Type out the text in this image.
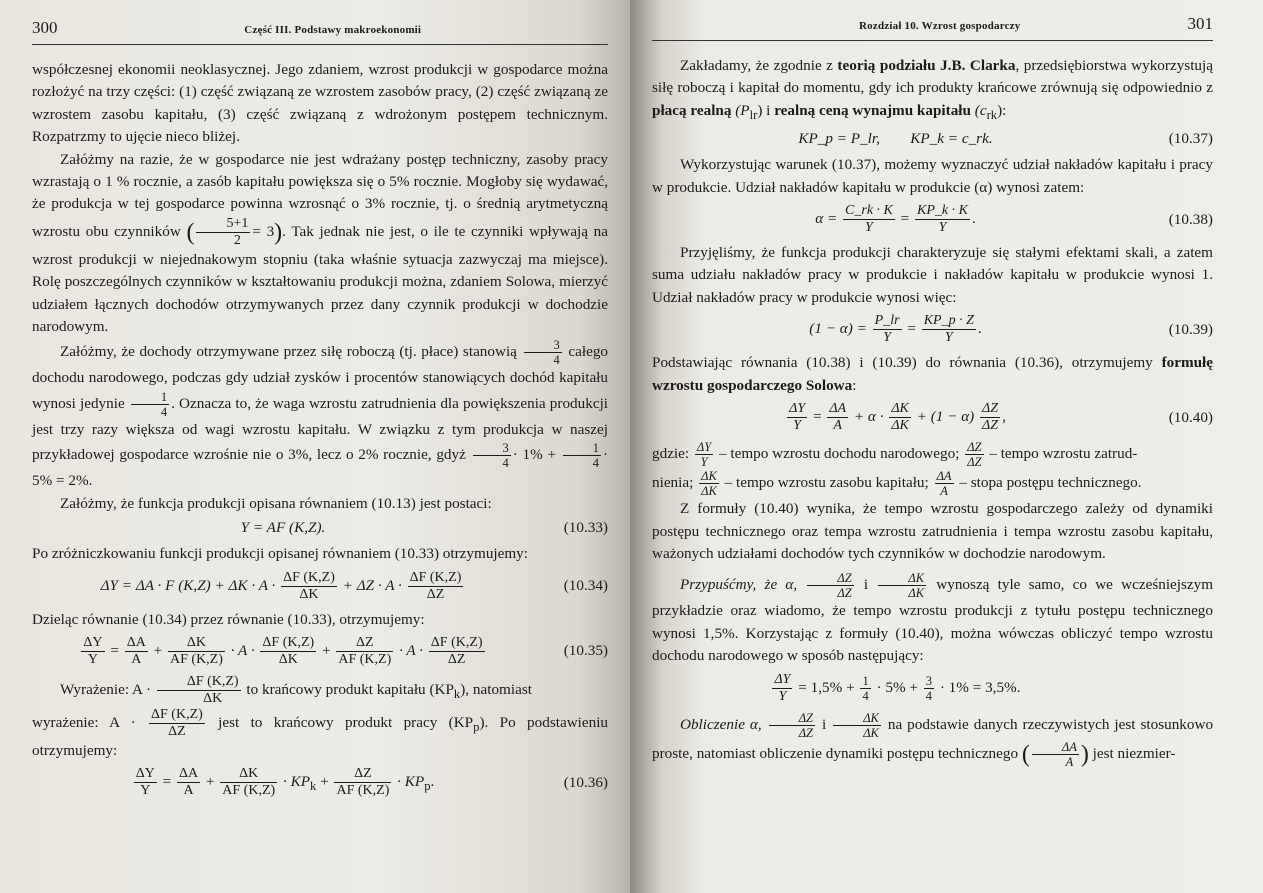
300	Część III. Podstawy makroekonomii

współczesnej ekonomii neoklasycznej. Jego zdaniem, wzrost produkcji w gospodarce można rozłożyć na trzy części: (1) część związaną ze wzrostem zasobów pracy, (2) część związaną ze wzrostem zasobu kapitału, (3) część związaną z wdrożonym postępem technicznym. Rozpatrzmy to ujęcie nieco bliżej.

Załóżmy na razie, że w gospodarce nie jest wdrażany postęp techniczny, zasoby pracy wzrastają o 1 % rocznie, a zasób kapitału powiększa się o 5% rocznie. Mogłoby się wydawać, że produkcja w tej gospodarce powinna wzrosnąć o 3% rocznie, tj. o średnią arytmetyczną wzrostu obu czynników ( $\frac{5+1}{2} = 3$). Tak jednak nie jest, o ile te czynniki wpływają na wzrost produkcji w niejednakowym stopniu (taka właśnie sytuacja zazwyczaj ma miejsce). Rolę poszczególnych czynników w kształtowaniu produkcji można, zdaniem Solowa, mierzyć udziałem łącznych dochodów otrzymywanych przez dany czynnik produkcji w dochodzie narodowym.

Załóżmy, że dochody otrzymywane przez siłę roboczą (tj. płace) stanowią $\frac{3}{4}$ całego dochodu narodowego, podczas gdy udział zysków i procentów stanowiących dochód kapitału wynosi jedynie $\frac{1}{4}$ . Oznacza to, że waga wzrostu zatrudnienia dla powiększenia produkcji jest trzy razy większa od wagi wzrostu kapitału. W związku z tym produkcja w naszej przykładowej gospodarce wzrośnie nie o 3%, lecz o 2% rocznie, gdyż $\frac{3}{4} \cdot 1\% + \frac{1}{4} \cdot 5\% = 2\%$.

Załóżmy, że funkcja produkcji opisana równaniem (10.13) jest postaci:

Y = AF (K,Z).	(10.33)

Po zróżniczkowaniu funkcji produkcji opisanej równaniem (10.33) otrzymujemy:

ΔY = ΔA · F $(K,Z) + \Delta K \cdot A \cdot \frac{\Delta F (K,Z)}{\Delta K} + \Delta Z \cdot A \cdot \frac{\Delta F (K,Z)}{\Delta Z}$	(10.34)

Dzieląc równanie (10.34) przez równanie (10.33), otrzymujemy:

$\frac{\Delta Y}{Y} = \frac{\Delta A}{A} + \frac{\Delta K}{AF (K,Z)} \cdot A \cdot \frac{\Delta F (K,Z)}{\Delta K} + \frac{\Delta Z}{AF (K,Z)} \cdot A \cdot \frac{\Delta F (K,Z)}{\Delta Z}$	(10.35)

Wyrażenie: $A \cdot \frac{\Delta F (K,Z)}{\Delta K}$ to krańcowy produkt kapitału $(KP_k)$, natomiast

wyrażenie: $A \cdot \frac{\Delta F (K,Z)}{\Delta Z}$ jest to krańcowy produkt pracy $(KP_p)$. Po podstawieniu otrzymujemy:

$\frac{\Delta Y}{Y} = \frac{\Delta A}{A} + \frac{\Delta K}{AF (K,Z)} \cdot KP_k + \frac{\Delta Z}{AF (K,Z)} \cdot KP_p$.	(10.36)
Rozdział 10. Wzrost gospodarczy	301

Zakładamy, że zgodnie z teorią podziału J.B. Clarka, przedsiębiorstwa wykorzystują siłę roboczą i kapitał do momentu, gdy ich produkty krańcowe zrównują się odpowiednio z płacą realną $(P_{lr})$ i realną ceną wynajmu kapitału $(c_{rk})$:

KP_p = P_lr,        KP_k = c_rk.	(10.37)

Wykorzystując warunek (10.37), możemy wyznaczyć udział nakładów kapitału i pracy w produkcie. Udział nakładów kapitału w produkcie (α) wynosi zatem:

$\alpha = \frac{C\_rk \cdot K}{Y} = \frac{KP\_k \cdot K}{Y}$ .	(10.38)

Przyjęliśmy, że funkcja produkcji charakteryzuje się stałymi efektami skali, a zatem suma udziału nakładów pracy w produkcie i nakładów kapitału w produkcie wynosi 1. Udział nakładów pracy w produkcie wynosi więc:

$(1 - \alpha) = \frac{P\_lr}{Y} = \frac{KP\_p \cdot Z}{Y}$ .	(10.39)

Podstawiając równania (10.38) i (10.39) do równania (10.36), otrzymujemy formułę wzrostu gospodarczego Solowa:

$\frac{\Delta Y}{Y} = \frac{\Delta A}{A} + \alpha \cdot \frac{\Delta K}{\Delta K} + (1 - \alpha) \frac{\Delta Z}{\Delta Z}$ ,	(10.40)

gdzie: $\frac{\Delta Y}{Y}$ – tempo wzrostu dochodu narodowego; $\frac{\Delta Z}{\Delta Z}$ – tempo wzrostu zatrud-

nienia; $\frac{\Delta K}{\Delta K}$ – tempo wzrostu zasobu kapitału; $\frac{\Delta A}{A}$ – stopa postępu technicznego.

Z formuły (10.40) wynika, że tempo wzrostu gospodarczego zależy od dynamiki postępu technicznego oraz tempa wzrostu zatrudnienia i tempa wzrostu zasobu kapitału, ważonych udziałami dochodów tych czynników w dochodzie narodowym.

Przypuśćmy, że α, $\frac{\Delta Z}{\Delta Z}$ i $\frac{\Delta K}{\Delta K}$ wynoszą tyle samo, co we wcześniejszym przykładzie oraz wiadomo, że tempo wzrostu produkcji z tytułu postępu technicznego wynosi 1,5%. Korzystając z formuły (10.40), można wówczas obliczyć tempo wzrostu dochodu narodowego w sposób następujący:

$\frac{\Delta Y}{Y} = 1,5\% + \frac{1}{4} \cdot 5\% + \frac{3}{4} \cdot 1\% = 3,5\%$.

Obliczenie α, $\frac{\Delta Z}{\Delta Z}$ i $\frac{\Delta K}{\Delta K}$ na podstawie danych rzeczywistych jest stosunkowo proste, natomiast obliczenie dynamiki postępu technicznego ( $\frac{\Delta A}{A}$ ) jest niezmier-
